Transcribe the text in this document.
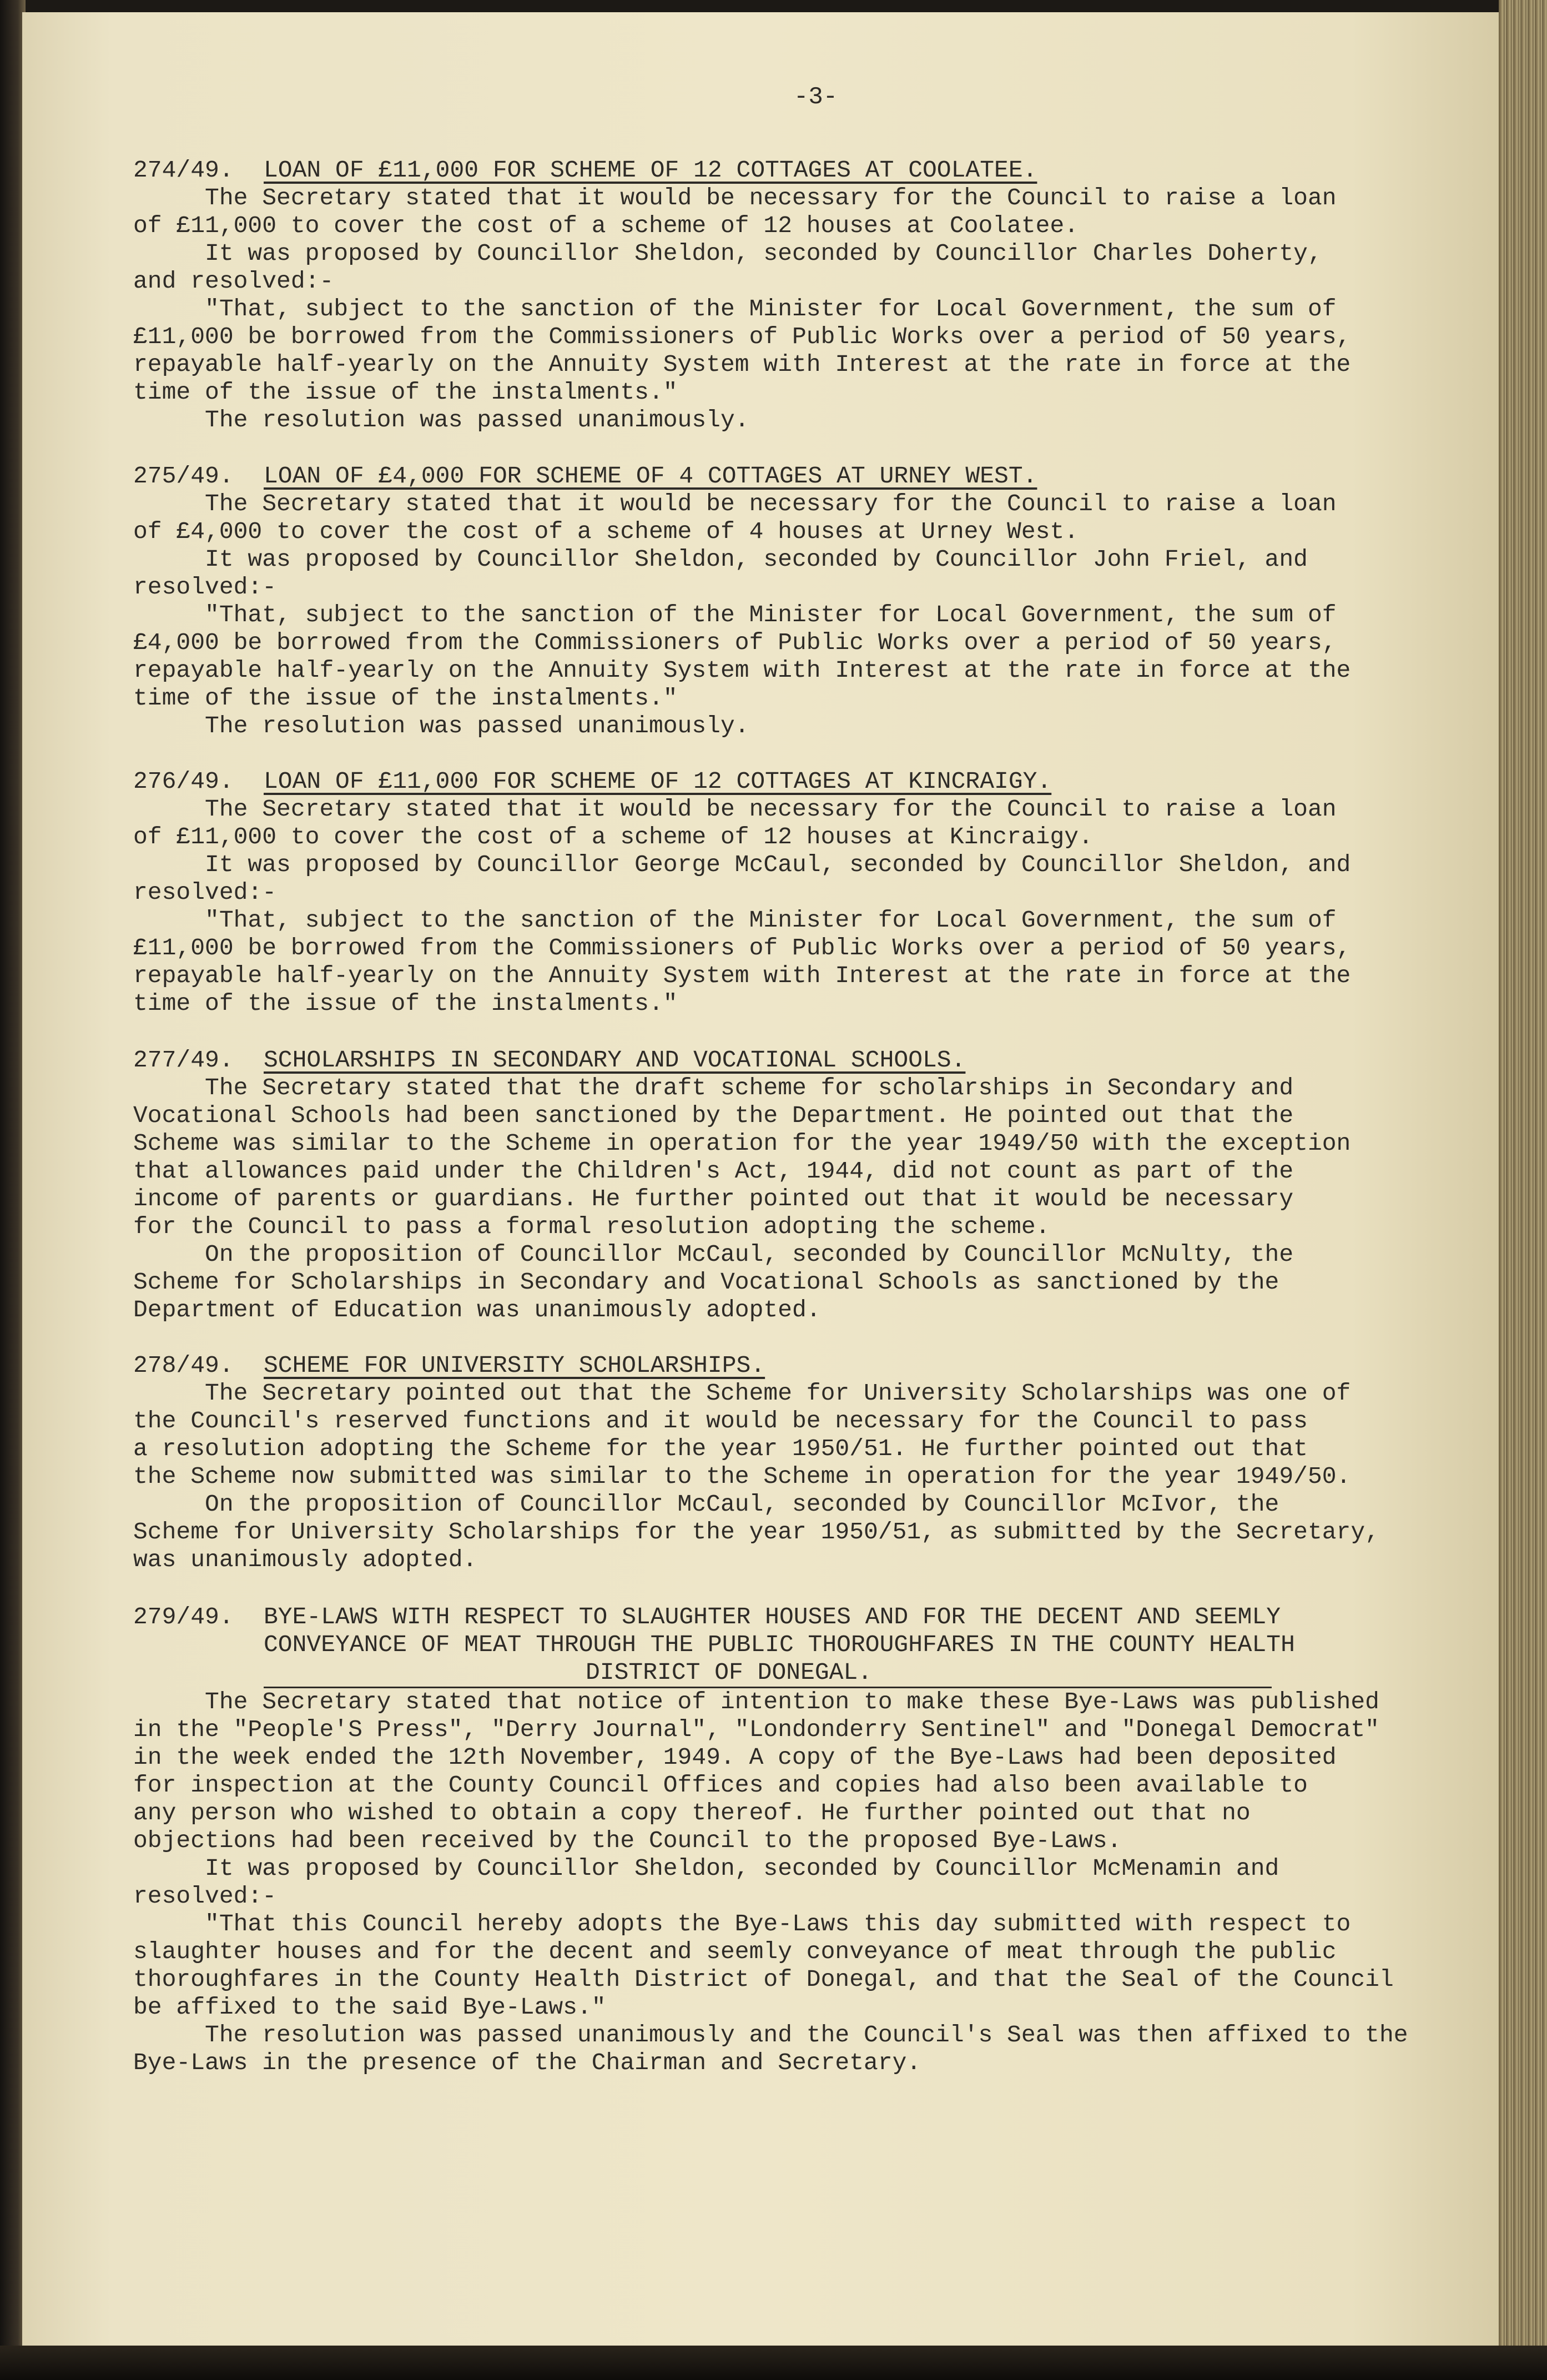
-3-

274/49. LOAN OF £11,000 FOR SCHEME OF 12 COTTAGES AT COOLATEE.

The Secretary stated that it would be necessary for the Council to raise a loan

of £11,000 to cover the cost of a scheme of 12 houses at Coolatee.

It was proposed by Councillor Sheldon, seconded by Councillor Charles Doherty,

and resolved:-

"That, subject to the sanction of the Minister for Local Government, the sum of

£11,000 be borrowed from the Commissioners of Public Works over a period of 50 years,

repayable half-yearly on the Annuity System with Interest at the rate in force at the

time of the issue of the instalments."

The resolution was passed unanimously.

275/49. LOAN OF £4,000 FOR SCHEME OF 4 COTTAGES AT URNEY WEST.

The Secretary stated that it would be necessary for the Council to raise a loan

of £4,000 to cover the cost of a scheme of 4 houses at Urney West.

It was proposed by Councillor Sheldon, seconded by Councillor John Friel, and

resolved:-

"That, subject to the sanction of the Minister for Local Government, the sum of

£4,000 be borrowed from the Commissioners of Public Works over a period of 50 years,

repayable half-yearly on the Annuity System with Interest at the rate in force at the

time of the issue of the instalments."

The resolution was passed unanimously.

276/49. LOAN OF £11,000 FOR SCHEME OF 12 COTTAGES AT KINCRAIGY.

The Secretary stated that it would be necessary for the Council to raise a loan

of £11,000 to cover the cost of a scheme of 12 houses at Kincraigy.

It was proposed by Councillor George McCaul, seconded by Councillor Sheldon, and

resolved:-

"That, subject to the sanction of the Minister for Local Government, the sum of

£11,000 be borrowed from the Commissioners of Public Works over a period of 50 years,

repayable half-yearly on the Annuity System with Interest at the rate in force at the

time of the issue of the instalments."

277/49. SCHOLARSHIPS IN SECONDARY AND VOCATIONAL SCHOOLS.

The Secretary stated that the draft scheme for scholarships in Secondary and

Vocational Schools had been sanctioned by the Department. He pointed out that the

Scheme was similar to the Scheme in operation for the year 1949/50 with the exception

that allowances paid under the Children's Act, 1944, did not count as part of the

income of parents or guardians. He further pointed out that it would be necessary

for the Council to pass a formal resolution adopting the scheme.

On the proposition of Councillor McCaul, seconded by Councillor McNulty, the

Scheme for Scholarships in Secondary and Vocational Schools as sanctioned by the

Department of Education was unanimously adopted.

278/49. SCHEME FOR UNIVERSITY SCHOLARSHIPS.

The Secretary pointed out that the Scheme for University Scholarships was one of

the Council's reserved functions and it would be necessary for the Council to pass

a resolution adopting the Scheme for the year 1950/51. He further pointed out that

the Scheme now submitted was similar to the Scheme in operation for the year 1949/50.

On the proposition of Councillor McCaul, seconded by Councillor McIvor, the

Scheme for University Scholarships for the year 1950/51, as submitted by the Secretary,

was unanimously adopted.

279/49. BYE-LAWS WITH RESPECT TO SLAUGHTER HOUSES AND FOR THE DECENT AND SEEMLY

CONVEYANCE OF MEAT THROUGH THE PUBLIC THOROUGHFARES IN THE COUNTY HEALTH

DISTRICT OF DONEGAL.

The Secretary stated that notice of intention to make these Bye-Laws was published

in the "People'S Press", "Derry Journal", "Londonderry Sentinel" and "Donegal Democrat"

in the week ended the 12th November, 1949. A copy of the Bye-Laws had been deposited

for inspection at the County Council Offices and copies had also been available to

any person who wished to obtain a copy thereof. He further pointed out that no

objections had been received by the Council to the proposed Bye-Laws.

It was proposed by Councillor Sheldon, seconded by Councillor McMenamin and

resolved:-

"That this Council hereby adopts the Bye-Laws this day submitted with respect to

slaughter houses and for the decent and seemly conveyance of meat through the public

thoroughfares in the County Health District of Donegal, and that the Seal of the Council

be affixed to the said Bye-Laws."

The resolution was passed unanimously and the Council's Seal was then affixed to the

Bye-Laws in the presence of the Chairman and Secretary.
